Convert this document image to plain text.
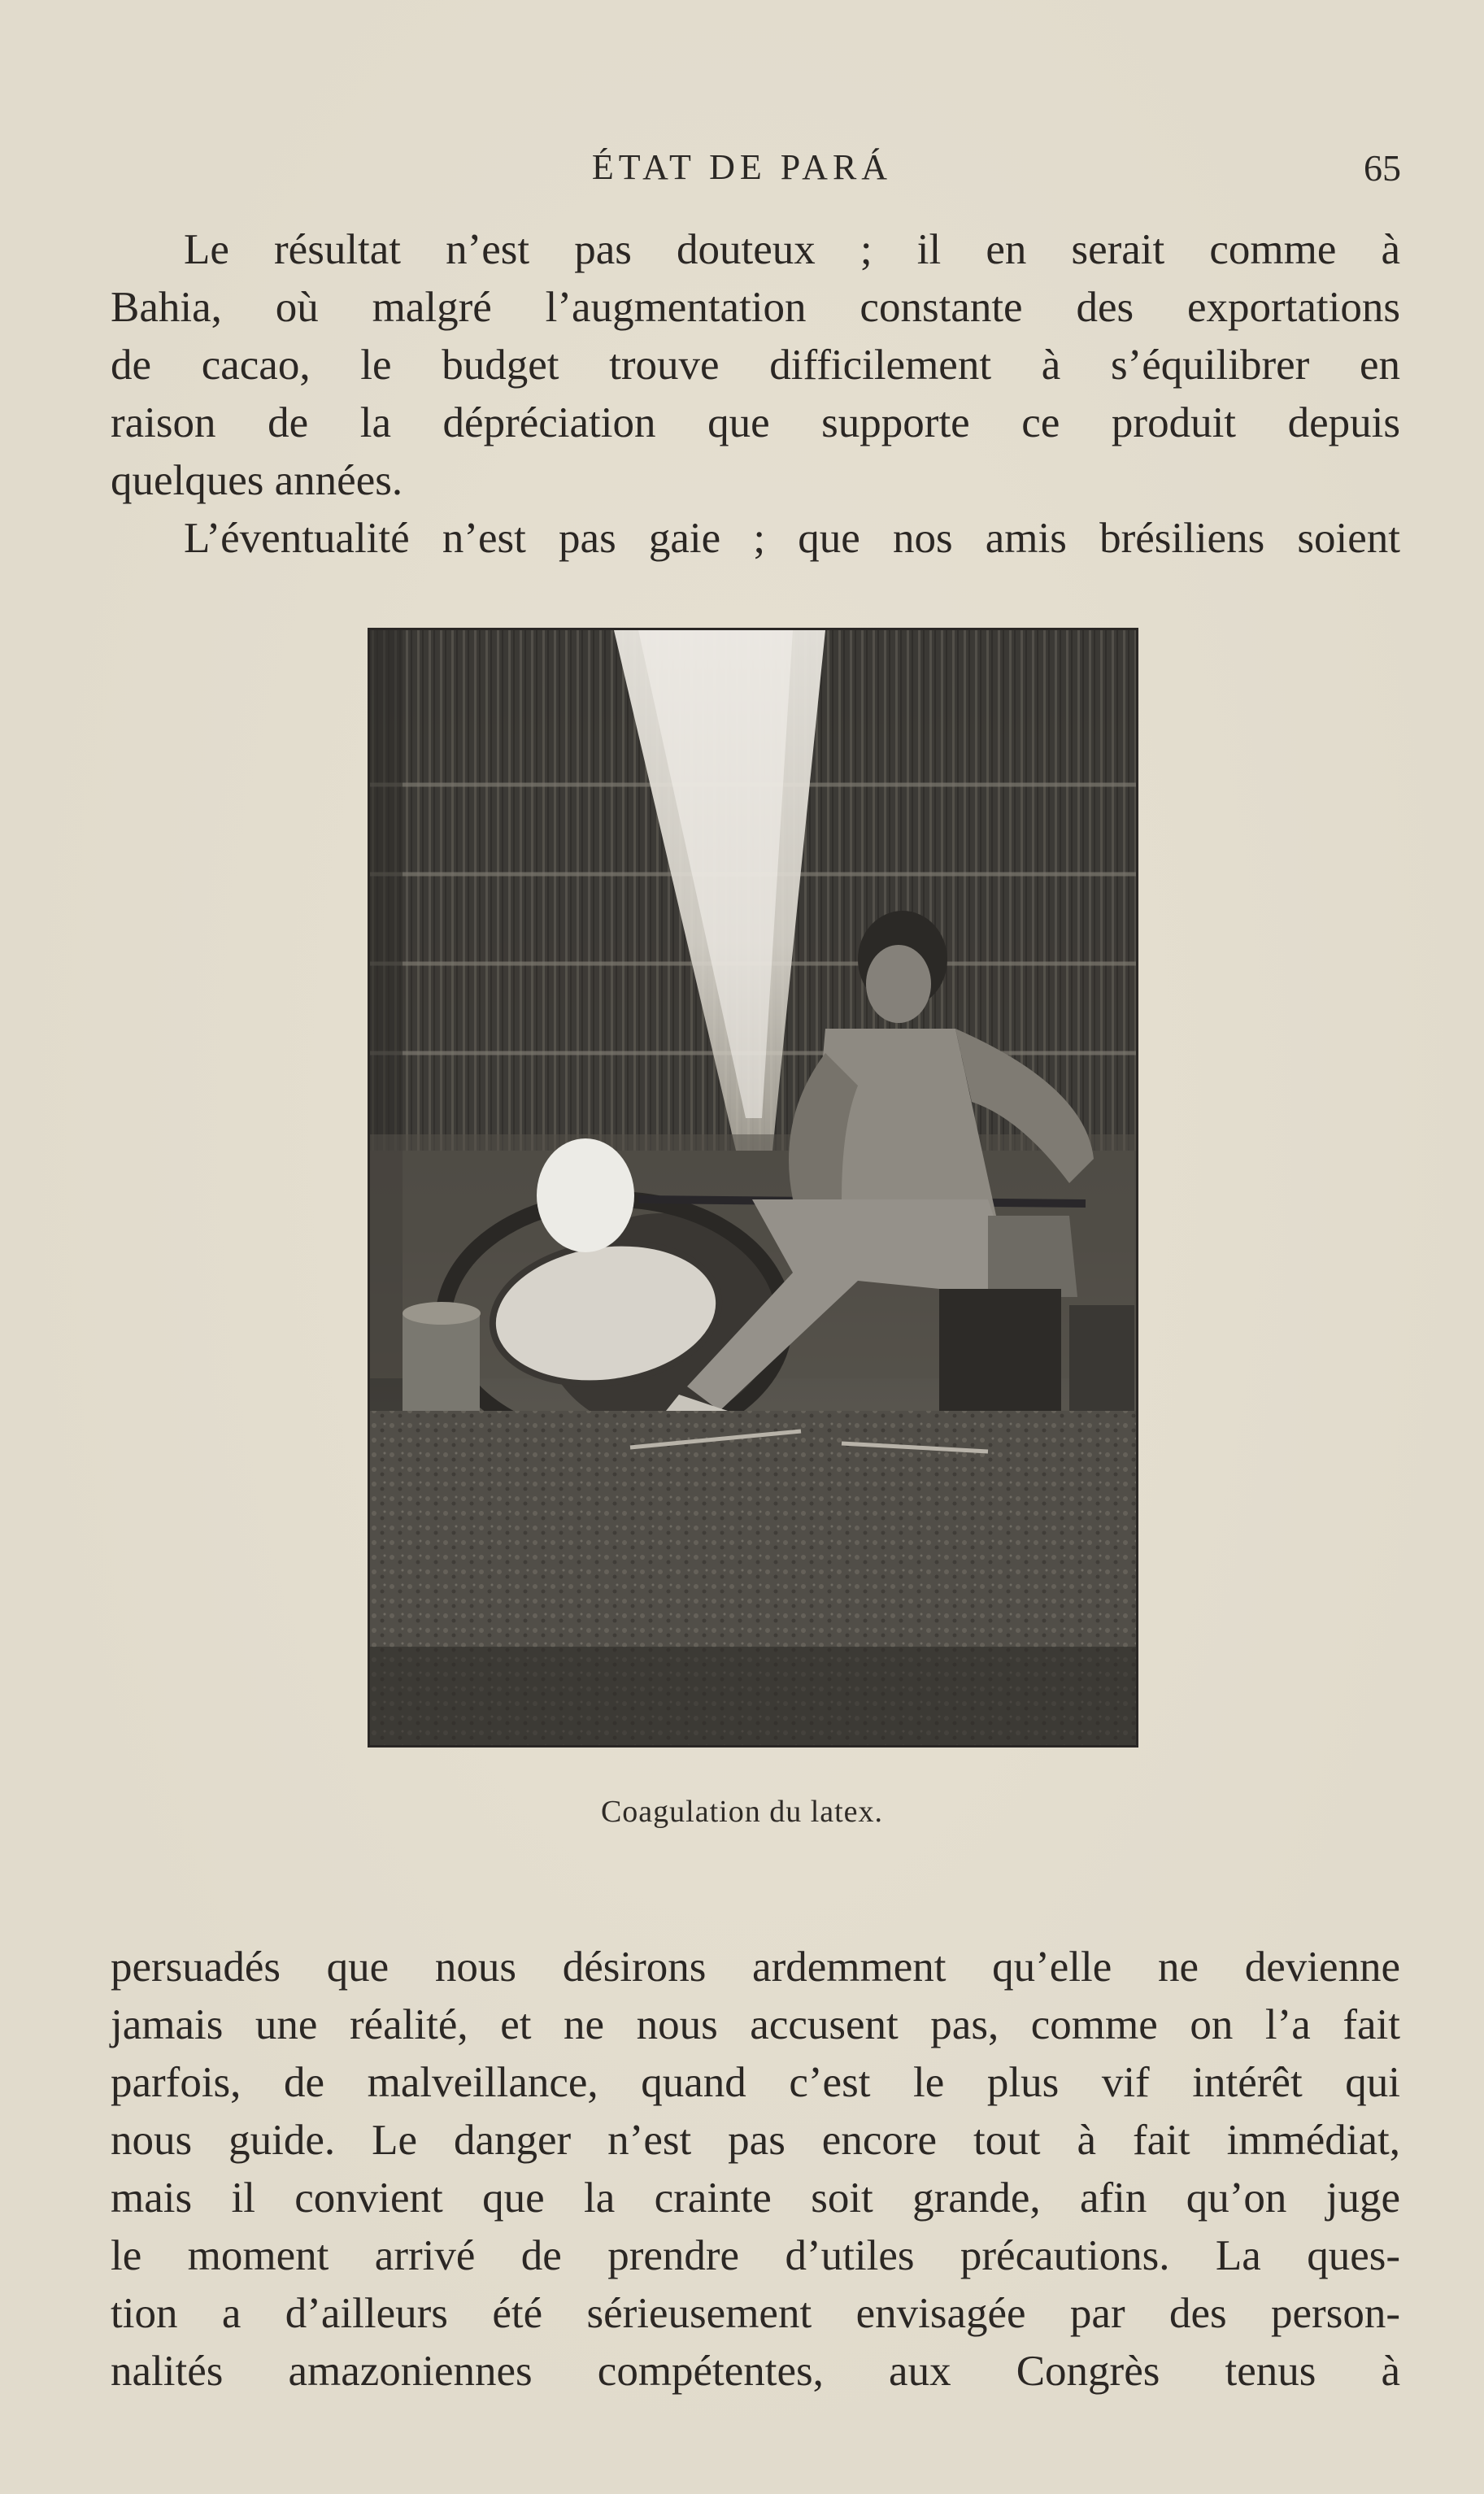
ÉTAT DE PARÁ	65
Le résultat n’est pas douteux ; il en serait comme à
Bahia, où malgré l’augmentation constante des exportations
de cacao, le budget trouve difficilement à s’équilibrer en
raison de la dépréciation que supporte ce produit depuis
quelques années.
L’éventualité n’est pas gaie ; que nos amis brésiliens soient
Coagulation du latex.
persuadés que nous désirons ardemment qu’elle ne devienne
jamais une réalité, et ne nous accusent pas, comme on l’a fait
parfois, de malveillance, quand c’est le plus vif intérêt qui
nous guide. Le danger n’est pas encore tout à fait immédiat,
mais il convient que la crainte soit grande, afin qu’on juge
le moment arrivé de prendre d’utiles précautions. La ques-
tion a d’ailleurs été sérieusement envisagée par des person-
nalités amazoniennes compétentes, aux Congrès tenus à
